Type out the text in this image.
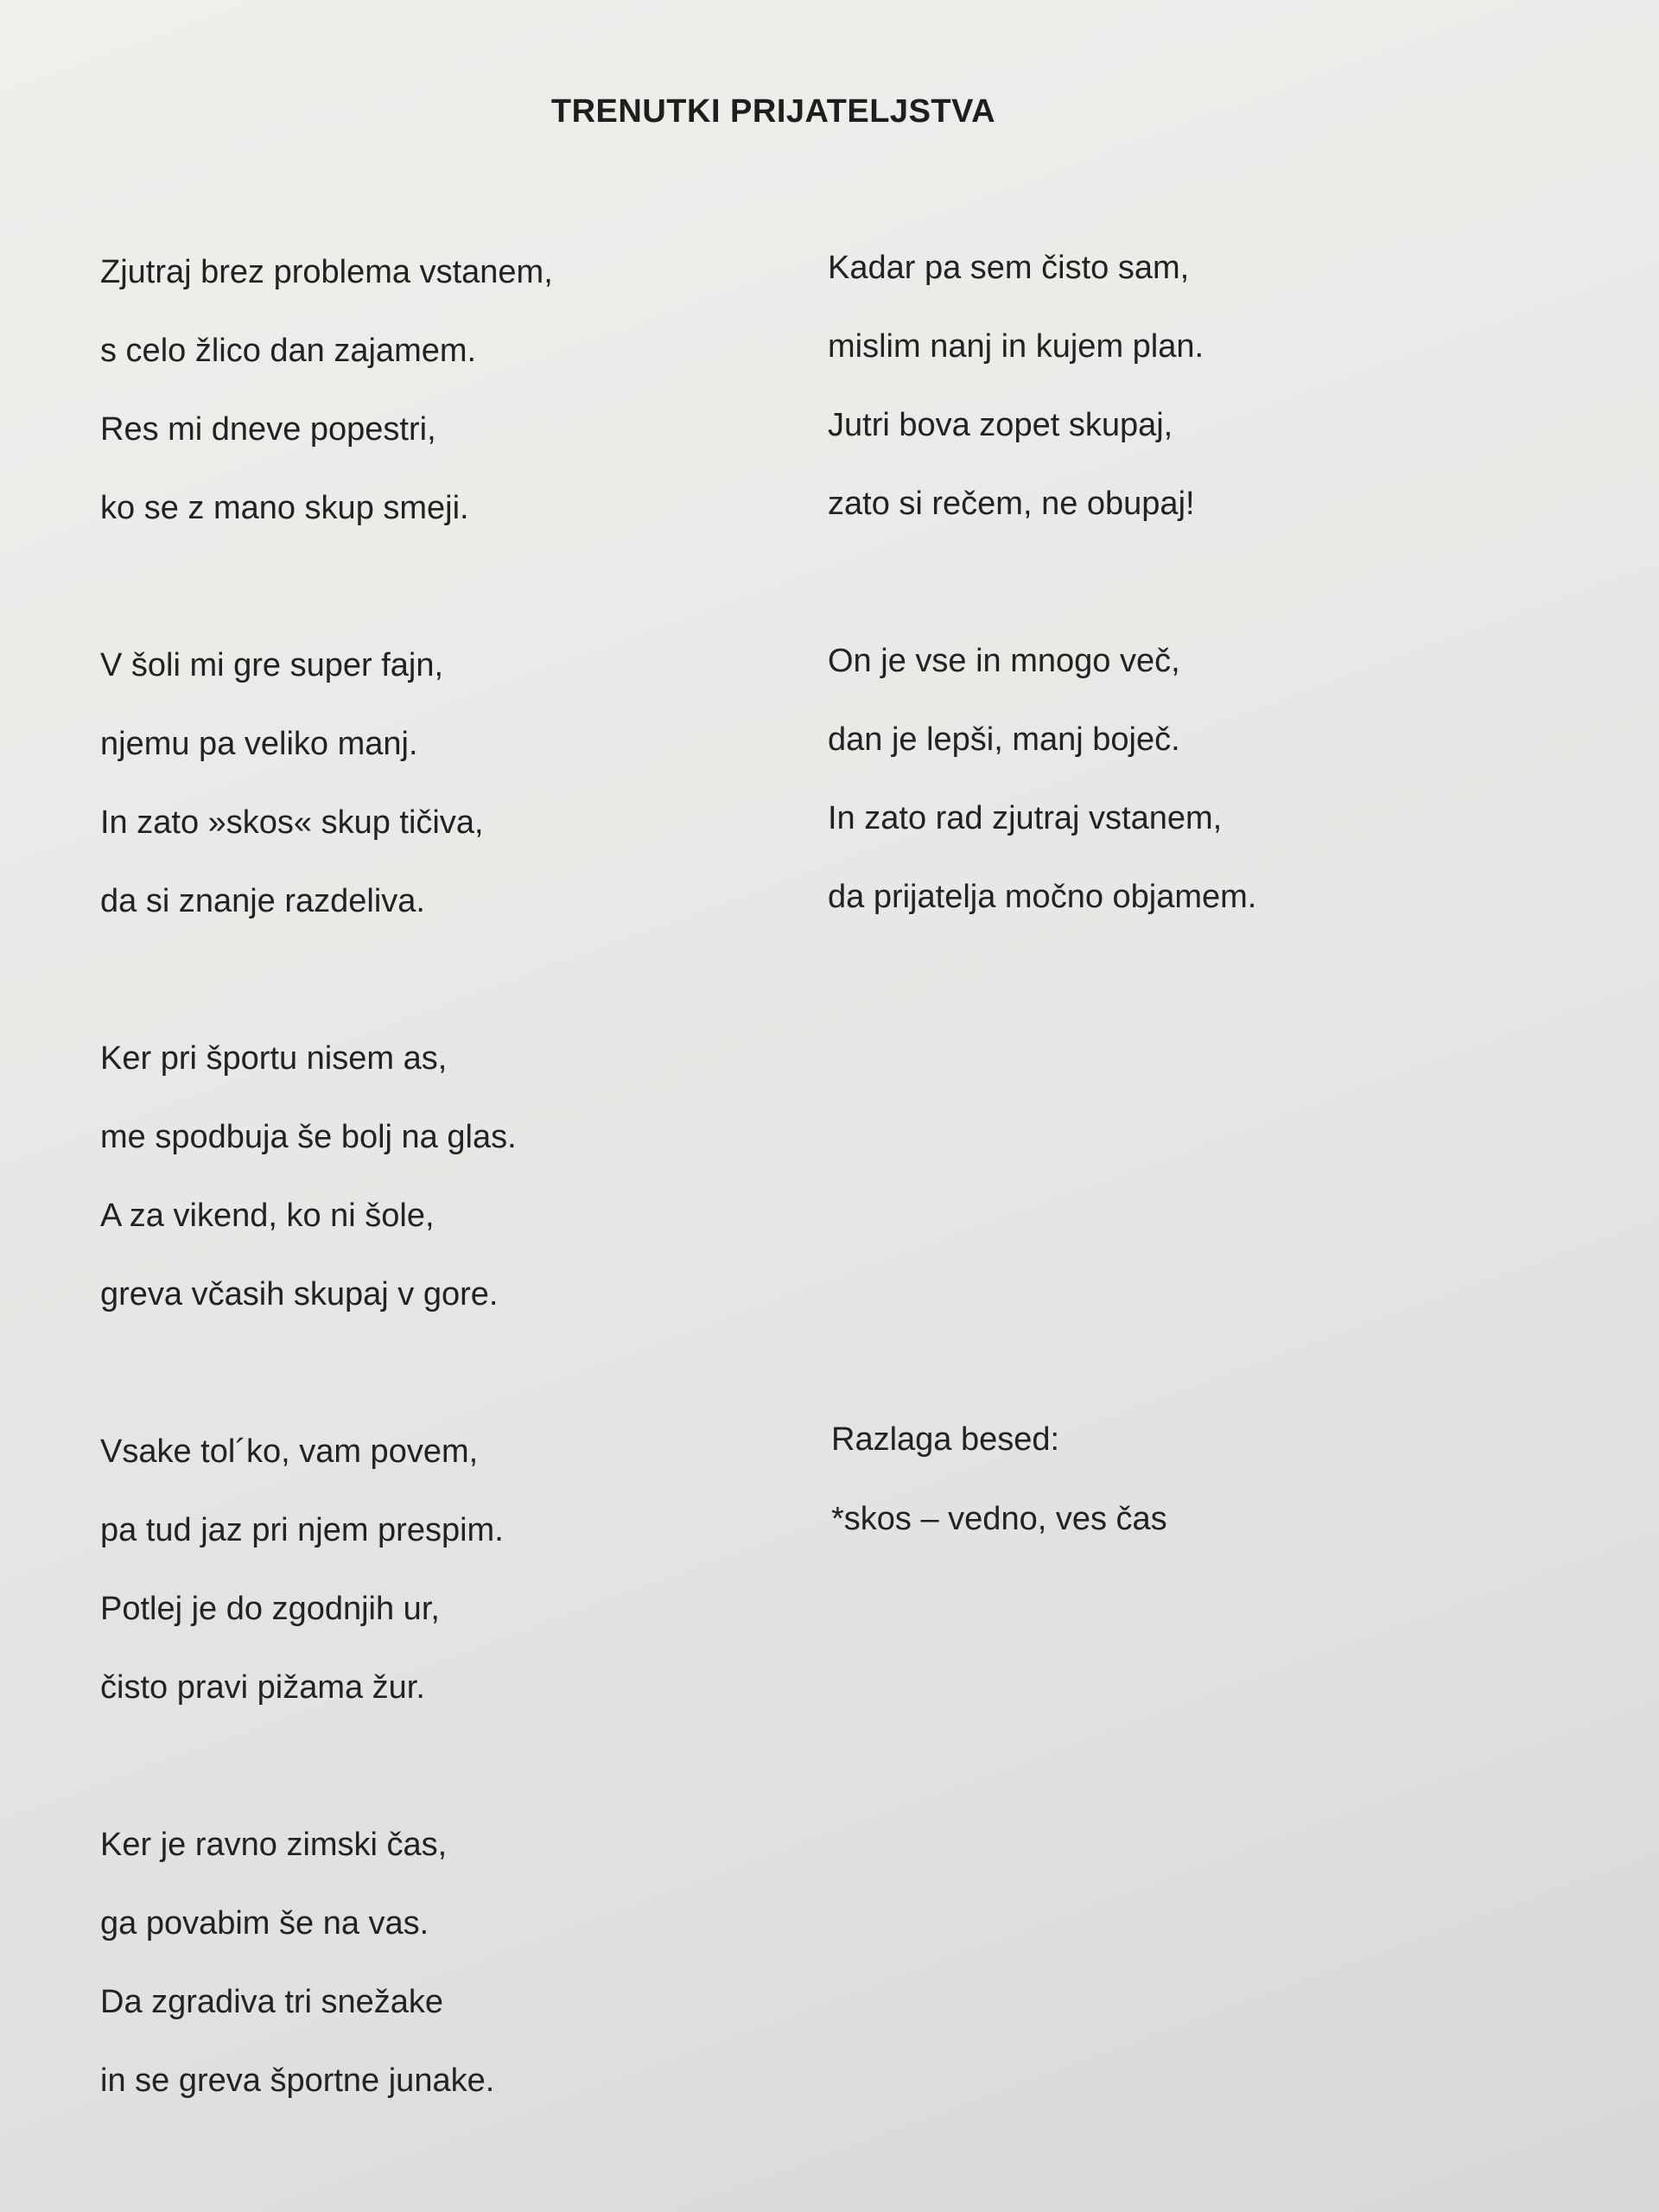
TRENUTKI PRIJATELJSTVA
Zjutraj brez problema vstanem,
s celo žlico dan zajamem.
Res mi dneve popestri,
ko se z mano skup smeji.
V šoli mi gre super fajn,
njemu pa veliko manj.
In zato »skos« skup tičiva,
da si znanje razdeliva.
Ker pri športu nisem as,
me spodbuja še bolj na glas.
A za vikend, ko ni šole,
greva včasih skupaj v gore.
Vsake tol´ko, vam povem,
pa tud jaz pri njem prespim.
Potlej je do zgodnjih ur,
čisto pravi pižama žur.
Ker je ravno zimski čas,
ga povabim še na vas.
Da zgradiva tri snežake
in se greva športne junake.
Kadar pa sem čisto sam,
mislim nanj in kujem plan.
Jutri bova zopet skupaj,
zato si rečem, ne obupaj!
On je vse in mnogo več,
dan je lepši, manj boječ.
In zato rad zjutraj vstanem,
da prijatelja močno objamem.
Razlaga besed:
*skos – vedno, ves čas
